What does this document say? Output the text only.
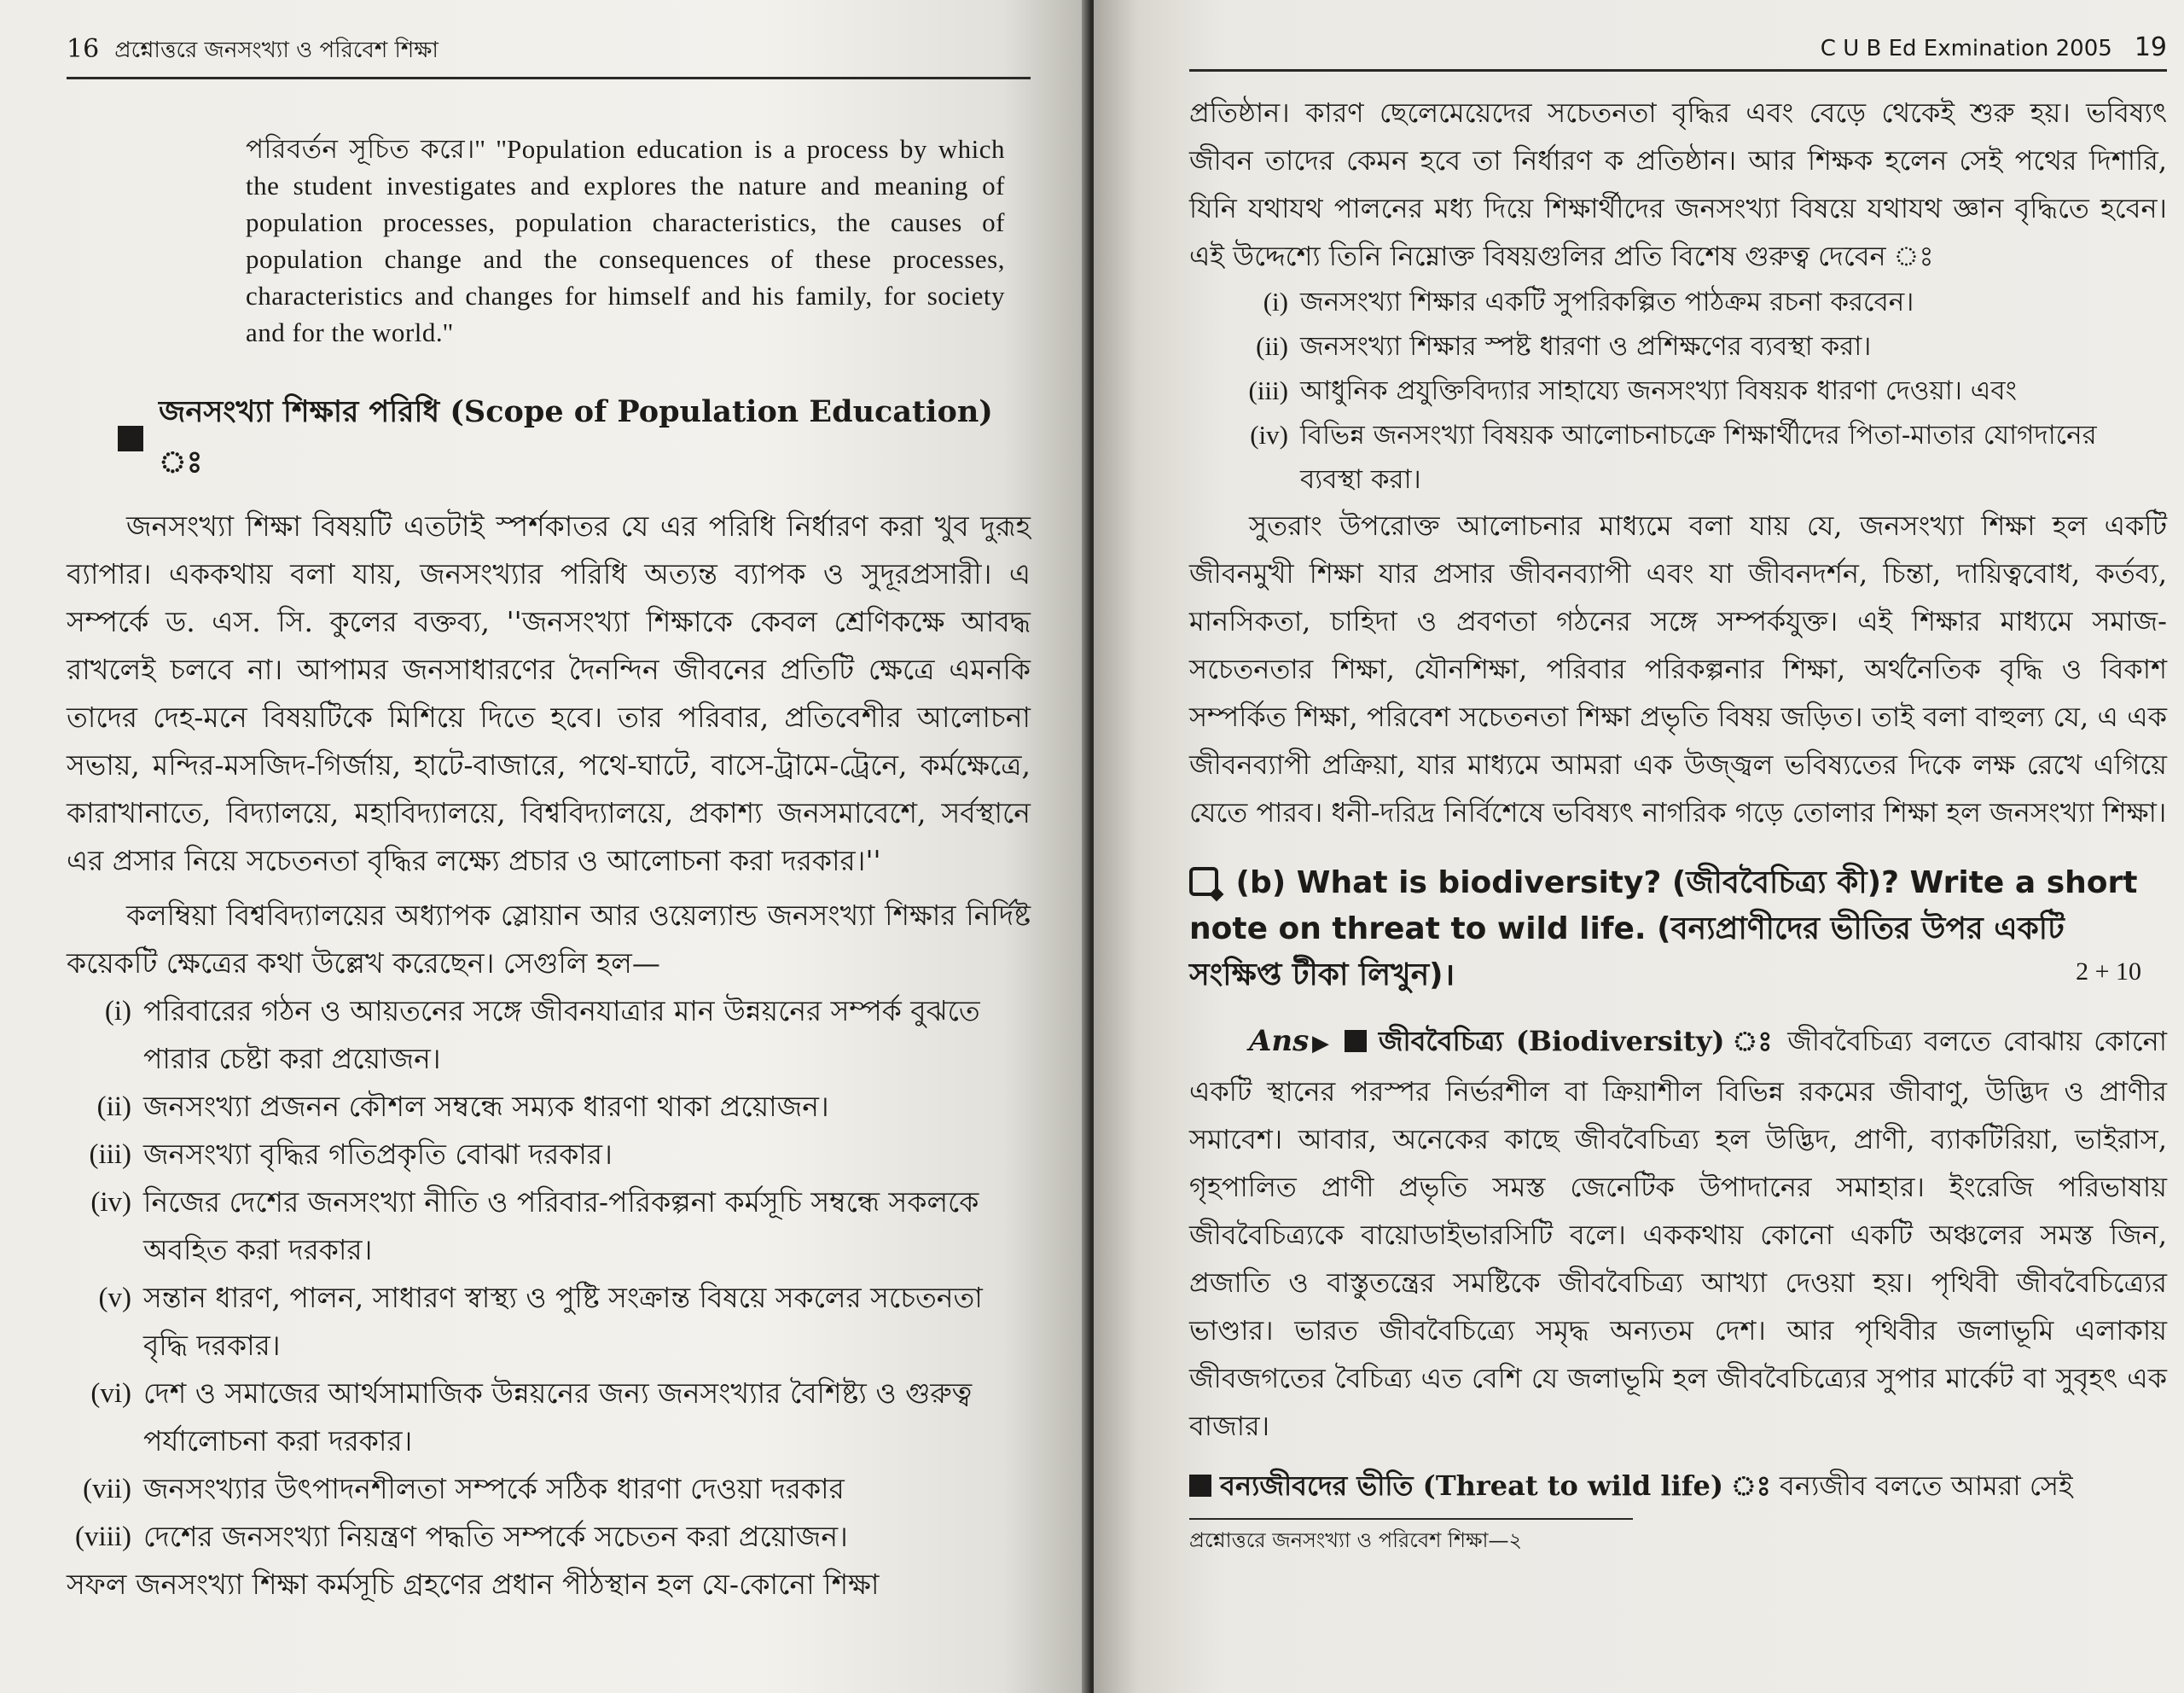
16 প্রশ্নোত্তরে জনসংখ্যা ও পরিবেশ শিক্ষা

পরিবর্তন সূচিত করে।'' ''Population education is a process by which the student investigates and explores the nature and meaning of population processes, population characteristics, the causes of population change and the consequences of these processes, characteristics and changes for himself and his family, for society and for the world.''

জনসংখ্যা শিক্ষার পরিধি (Scope of Population Education) ঃ

জনসংখ্যা শিক্ষা বিষয়টি এতটাই স্পর্শকাতর যে এর পরিধি নির্ধারণ করা খুব দুরূহ ব্যাপার। এককথায় বলা যায়, জনসংখ্যার পরিধি অত্যন্ত ব্যাপক ও সুদূরপ্রসারী। এ সম্পর্কে ড. এস. সি. কুলের বক্তব্য, ''জনসংখ্যা শিক্ষাকে কেবল শ্রেণিকক্ষে আবদ্ধ রাখলেই চলবে না। আপামর জনসাধারণের দৈনন্দিন জীবনের প্রতিটি ক্ষেত্রে এমনকি তাদের দেহ-মনে বিষয়টিকে মিশিয়ে দিতে হবে। তার পরিবার, প্রতিবেশীর আলোচনা সভায়, মন্দির-মসজিদ-গির্জায়, হাটে-বাজারে, পথে-ঘাটে, বাসে-ট্রামে-ট্রেনে, কর্মক্ষেত্রে, কারাখানাতে, বিদ্যালয়ে, মহাবিদ্যালয়ে, বিশ্ববিদ্যালয়ে, প্রকাশ্য জনসমাবেশে, সর্বস্থানে এর প্রসার নিয়ে সচেতনতা বৃদ্ধির লক্ষ্যে প্রচার ও আলোচনা করা দরকার।''

কলম্বিয়া বিশ্ববিদ্যালয়ের অধ্যাপক স্লোয়ান আর ওয়েল্যান্ড জনসংখ্যা শিক্ষার নির্দিষ্ট কয়েকটি ক্ষেত্রের কথা উল্লেখ করেছেন। সেগুলি হল—

(i) পরিবারের গঠন ও আয়তনের সঙ্গে জীবনযাত্রার মান উন্নয়নের সম্পর্ক বুঝতে পারার চেষ্টা করা প্রয়োজন।
(ii) জনসংখ্যা প্রজনন কৌশল সম্বন্ধে সম্যক ধারণা থাকা প্রয়োজন।
(iii) জনসংখ্যা বৃদ্ধির গতিপ্রকৃতি বোঝা দরকার।
(iv) নিজের দেশের জনসংখ্যা নীতি ও পরিবার-পরিকল্পনা কর্মসূচি সম্বন্ধে সকলকে অবহিত করা দরকার।
(v) সন্তান ধারণ, পালন, সাধারণ স্বাস্থ্য ও পুষ্টি সংক্রান্ত বিষয়ে সকলের সচেতনতা বৃদ্ধি দরকার।
(vi) দেশ ও সমাজের আর্থসামাজিক উন্নয়নের জন্য জনসংখ্যার বৈশিষ্ট্য ও গুরুত্ব পর্যালোচনা করা দরকার।
(vii) জনসংখ্যার উৎপাদনশীলতা সম্পর্কে সঠিক ধারণা দেওয়া দরকার
(viii) দেশের জনসংখ্যা নিয়ন্ত্রণ পদ্ধতি সম্পর্কে সচেতন করা প্রয়োজন।

সফল জনসংখ্যা শিক্ষা কর্মসূচি গ্রহণের প্রধান পীঠস্থান হল যে-কোনো শিক্ষা

C U B Ed Exmination 2005 19

প্রতিষ্ঠান। কারণ ছেলেমেয়েদের সচেতনতা বৃদ্ধির এবং বেড়ে থেকেই শুরু হয়। ভবিষ্যৎ জীবন তাদের কেমন হবে তা নির্ধারণ ক প্রতিষ্ঠান। আর শিক্ষক হলেন সেই পথের দিশারি, যিনি যথাযথ পালনের মধ্য দিয়ে শিক্ষার্থীদের জনসংখ্যা বিষয়ে যথাযথ জ্ঞান বৃদ্ধিতে হবেন। এই উদ্দেশ্যে তিনি নিম্নোক্ত বিষয়গুলির প্রতি বিশেষ গুরুত্ব দেবেন ঃ

(i) জনসংখ্যা শিক্ষার একটি সুপরিকল্পিত পাঠক্রম রচনা করবেন।
(ii) জনসংখ্যা শিক্ষার স্পষ্ট ধারণা ও প্রশিক্ষণের ব্যবস্থা করা।
(iii) আধুনিক প্রযুক্তিবিদ্যার সাহায্যে জনসংখ্যা বিষয়ক ধারণা দেওয়া। এবং
(iv) বিভিন্ন জনসংখ্যা বিষয়ক আলোচনাচক্রে শিক্ষার্থীদের পিতা-মাতার যোগদানের ব্যবস্থা করা।

সুতরাং উপরোক্ত আলোচনার মাধ্যমে বলা যায় যে, জনসংখ্যা শিক্ষা হল একটি জীবনমুখী শিক্ষা যার প্রসার জীবনব্যাপী এবং যা জীবনদর্শন, চিন্তা, দায়িত্ববোধ, কর্তব্য, মানসিকতা, চাহিদা ও প্রবণতা গঠনের সঙ্গে সম্পর্কযুক্ত। এই শিক্ষার মাধ্যমে সমাজ-সচেতনতার শিক্ষা, যৌনশিক্ষা, পরিবার পরিকল্পনার শিক্ষা, অর্থনৈতিক বৃদ্ধি ও বিকাশ সম্পর্কিত শিক্ষা, পরিবেশ সচেতনতা শিক্ষা প্রভৃতি বিষয় জড়িত। তাই বলা বাহুল্য যে, এ এক জীবনব্যাপী প্রক্রিয়া, যার মাধ্যমে আমরা এক উজ্জ্বল ভবিষ্যতের দিকে লক্ষ রেখে এগিয়ে যেতে পারব। ধনী-দরিদ্র নির্বিশেষে ভবিষ্যৎ নাগরিক গড়ে তোলার শিক্ষা হল জনসংখ্যা শিক্ষা।

(b) What is biodiversity? (জীববৈচিত্র্য কী)? Write a short note on threat to wild life. (বন্যপ্রাণীদের ভীতির উপর একটি সংক্ষিপ্ত টীকা লিখুন)।	2 + 10

Ans▶ জীববৈচিত্র্য (Biodiversity) ঃ জীববৈচিত্র্য বলতে বোঝায় কোনো একটি স্থানের পরস্পর নির্ভরশীল বা ক্রিয়াশীল বিভিন্ন রকমের জীবাণু, উদ্ভিদ ও প্রাণীর সমাবেশ। আবার, অনেকের কাছে জীববৈচিত্র্য হল উদ্ভিদ, প্রাণী, ব্যাকটিরিয়া, ভাইরাস, গৃহপালিত প্রাণী প্রভৃতি সমস্ত জেনেটিক উপাদানের সমাহার। ইংরেজি পরিভাষায় জীববৈচিত্র্যকে বায়োডাইভারসিটি বলে। এককথায় কোনো একটি অঞ্চলের সমস্ত জিন, প্রজাতি ও বাস্তুতন্ত্রের সমষ্টিকে জীববৈচিত্র্য আখ্যা দেওয়া হয়। পৃথিবী জীববৈচিত্র্যের ভাণ্ডার। ভারত জীববৈচিত্র্যে সমৃদ্ধ অন্যতম দেশ। আর পৃথিবীর জলাভূমি এলাকায় জীবজগতের বৈচিত্র্য এত বেশি যে জলাভূমি হল জীববৈচিত্র্যের সুপার মার্কেট বা সুবৃহৎ এক বাজার।

বন্যজীবদের ভীতি (Threat to wild life) ঃ বন্যজীব বলতে আমরা সেই

প্রশ্নোত্তরে জনসংখ্যা ও পরিবেশ শিক্ষা—২
